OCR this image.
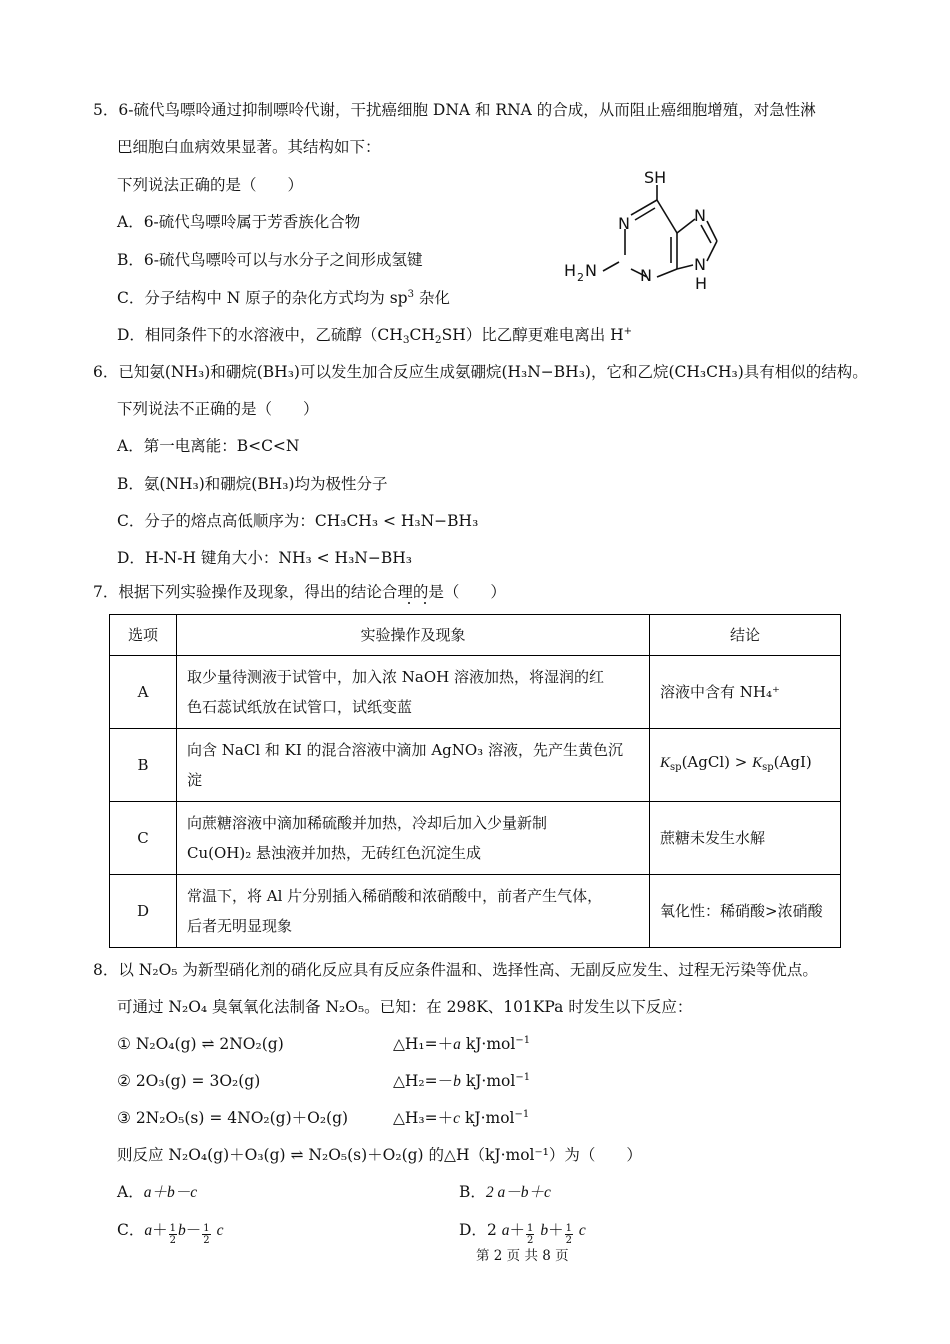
5．6-硫代鸟嘌呤通过抑制嘌呤代谢，干扰癌细胞 DNA 和 RNA 的合成，从而阻止癌细胞增殖，对急性淋
巴细胞白血病效果显著。其结构如下：
下列说法正确的是（　　）
A．6-硫代鸟嘌呤属于芳香族化合物
B．6-硫代鸟嘌呤可以与水分子之间形成氢键
C．分子结构中 N 原子的杂化方式均为 $sp^3$ 杂化
D．相同条件下的水溶液中，乙硫醇$(CH_3CH_2SH)$比乙醇更难电离出 H+
SH
N
N
N
N
H
H 2 N
6．已知氨(NH₃)和硼烷(BH₃)可以发生加合反应生成氨硼烷(H₃N−BH₃)，它和乙烷(CH₃CH₃)具有相似的结构。
下列说法不正确的是（　　）
A．第一电离能：B<C<N
B．氨(NH₃)和硼烷(BH₃)均为极性分子
C．分子的熔点高低顺序为：CH₃CH₃ < H₃N−BH₃
D．H-N-H 键角大小：NH₃ < H₃N−BH₃
7．根据下列实验操作及现象，得出的结论合理的是（　　）
选项	实验操作及现象	结论
A	取少量待测液于试管中，加入浓 NaOH 溶液加热，将湿润的红
色石蕊试纸放在试管口，试纸变蓝	溶液中含有 NH₄⁺
B	向含 NaCl 和 KI 的混合溶液中滴加 AgNO₃ 溶液，先产生黄色沉
淀	$K_{sp}(AgCl) > K_{sp}(AgI)$
C	向蔗糖溶液中滴加稀硫酸并加热，冷却后加入少量新制
Cu(OH)₂ 悬浊液并加热，无砖红色沉淀生成	蔗糖未发生水解
D	常温下，将 Al 片分别插入稀硝酸和浓硝酸中，前者产生气体，
后者无明显现象	氧化性：稀硝酸>浓硝酸
8．以 N₂O₅ 为新型硝化剂的硝化反应具有反应条件温和、选择性高、无副反应发生、过程无污染等优点。
可通过 N₂O₄ 臭氧氧化法制备 N₂O₅。已知：在 298K、101KPa 时发生以下反应：
① N₂O₄(g) ⇌ 2NO₂(g)	△H₁=＋a kJ·mol$^{-1}$
② 2O₃(g) = 3O₂(g)	△H₂=－b kJ·mol$^{-1}$
③ 2N₂O₅(s) = 4NO₂(g)＋O₂(g)	△H₃=＋c kJ·mol$^{-1}$
则反应 N₂O₄(g)＋O₃(g) ⇌ N₂O₅(s)＋O₂(g) 的△H（kJ·mol⁻¹）为（　　）
A．a＋b－c	B．2 a－b＋c
C．$a+ \frac{1}{2} b- \frac{1}{2}$ c	D．2 $a+ \frac{1}{2} b+ \frac{1}{2}$ c
第 2 页 共 8 页
